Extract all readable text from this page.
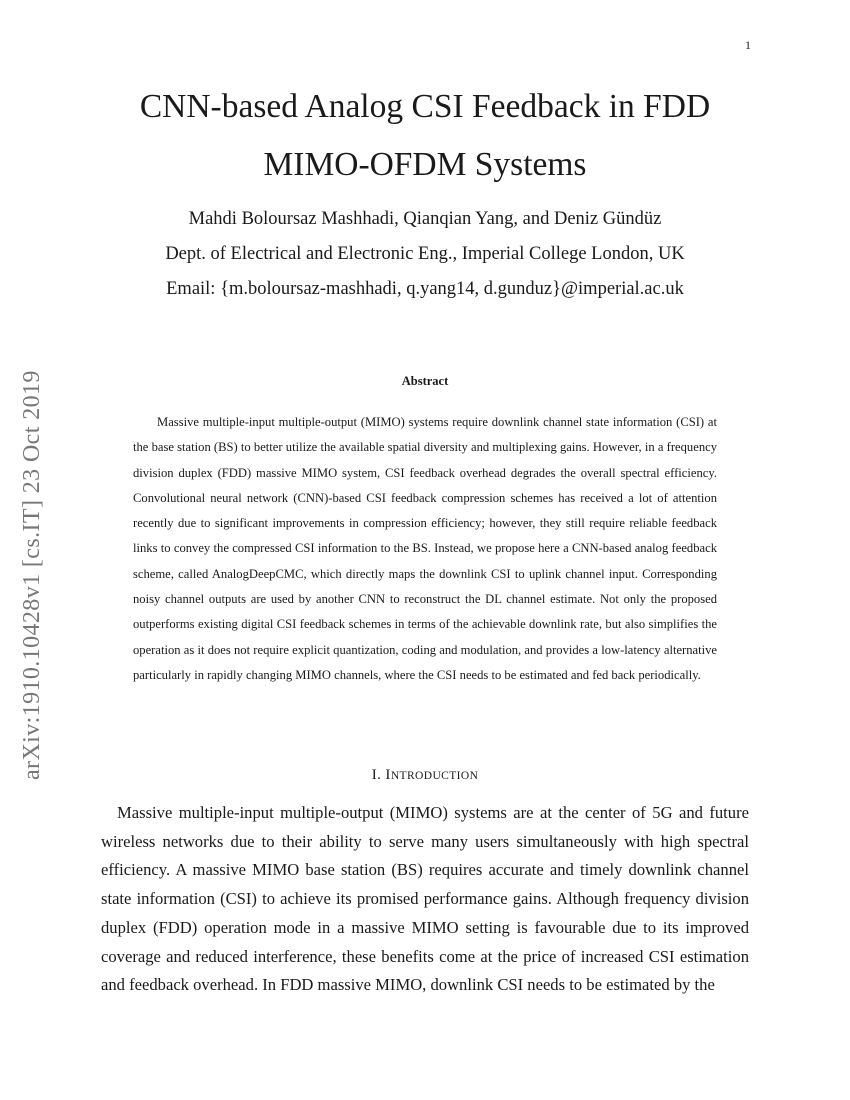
1
arXiv:1910.10428v1 [cs.IT] 23 Oct 2019
CNN-based Analog CSI Feedback in FDD
MIMO-OFDM Systems
Mahdi Boloursaz Mashhadi, Qianqian Yang, and Deniz Gündüz
Dept. of Electrical and Electronic Eng., Imperial College London, UK
Email: {m.boloursaz-mashhadi, q.yang14, d.gunduz}@imperial.ac.uk
Abstract

Massive multiple-input multiple-output (MIMO) systems require downlink channel state information (CSI) at the base station (BS) to better utilize the available spatial diversity and multiplexing gains. However, in a frequency division duplex (FDD) massive MIMO system, CSI feedback overhead degrades the overall spectral efficiency. Convolutional neural network (CNN)-based CSI feedback compression schemes has received a lot of attention recently due to significant improvements in compression efficiency; however, they still require reliable feedback links to convey the compressed CSI information to the BS. Instead, we propose here a CNN-based analog feedback scheme, called AnalogDeepCMC, which directly maps the downlink CSI to uplink channel input. Corresponding noisy channel outputs are used by another CNN to reconstruct the DL channel estimate. Not only the proposed outperforms existing digital CSI feedback schemes in terms of the achievable downlink rate, but also simplifies the operation as it does not require explicit quantization, coding and modulation, and provides a low-latency alternative particularly in rapidly changing MIMO channels, where the CSI needs to be estimated and fed back periodically.

I. INTRODUCTION

Massive multiple-input multiple-output (MIMO) systems are at the center of 5G and future wireless networks due to their ability to serve many users simultaneously with high spectral efficiency. A massive MIMO base station (BS) requires accurate and timely downlink channel state information (CSI) to achieve its promised performance gains. Although frequency division duplex (FDD) operation mode in a massive MIMO setting is favourable due to its improved coverage and reduced interference, these benefits come at the price of increased CSI estimation and feedback overhead. In FDD massive MIMO, downlink CSI needs to be estimated by the
